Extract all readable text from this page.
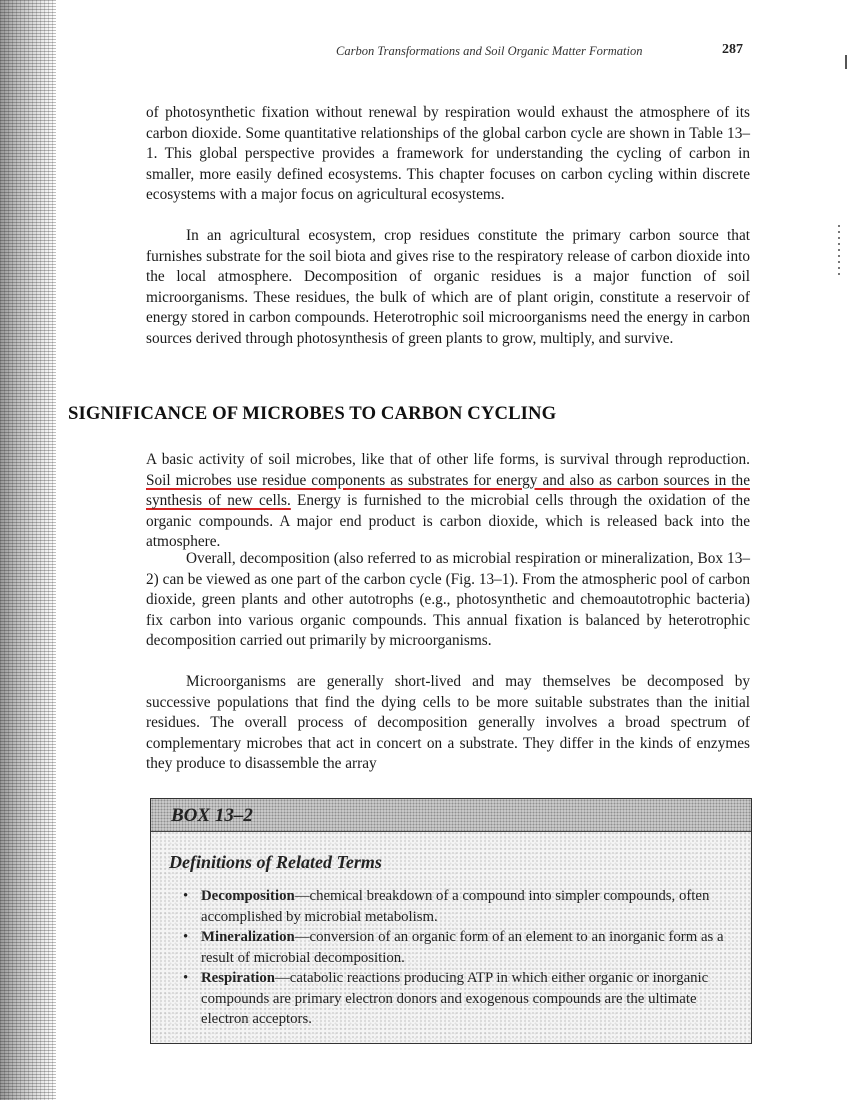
Carbon Transformations and Soil Organic Matter Formation	287

of photosynthetic fixation without renewal by respiration would exhaust the atmosphere of its carbon dioxide. Some quantitative relationships of the global carbon cycle are shown in Table 13–1. This global perspective provides a framework for understanding the cycling of carbon in smaller, more easily defined ecosystems. This chapter focuses on carbon cycling within discrete ecosystems with a major focus on agricultural ecosystems.

In an agricultural ecosystem, crop residues constitute the primary carbon source that furnishes substrate for the soil biota and gives rise to the respiratory release of carbon dioxide into the local atmosphere. Decomposition of organic residues is a major function of soil microorganisms. These residues, the bulk of which are of plant origin, constitute a reservoir of energy stored in carbon compounds. Heterotrophic soil microorganisms need the energy in carbon sources derived through photosynthesis of green plants to grow, multiply, and survive.

SIGNIFICANCE OF MICROBES TO CARBON CYCLING

A basic activity of soil microbes, like that of other life forms, is survival through reproduction. Soil microbes use residue components as substrates for energy and also as carbon sources in the synthesis of new cells. Energy is furnished to the microbial cells through the oxidation of the organic compounds. A major end product is carbon dioxide, which is released back into the atmosphere.

Overall, decomposition (also referred to as microbial respiration or mineralization, Box 13–2) can be viewed as one part of the carbon cycle (Fig. 13–1). From the atmospheric pool of carbon dioxide, green plants and other autotrophs (e.g., photosynthetic and chemoautotrophic bacteria) fix carbon into various organic compounds. This annual fixation is balanced by heterotrophic decomposition carried out primarily by microorganisms.

Microorganisms are generally short-lived and may themselves be decomposed by successive populations that find the dying cells to be more suitable substrates than the initial residues. The overall process of decomposition generally involves a broad spectrum of complementary microbes that act in concert on a substrate. They differ in the kinds of enzymes they produce to disassemble the array

BOX 13–2
Definitions of Related Terms
• Decomposition—chemical breakdown of a compound into simpler compounds, often accomplished by microbial metabolism.
• Mineralization—conversion of an organic form of an element to an inorganic form as a result of microbial decomposition.
• Respiration—catabolic reactions producing ATP in which either organic or inorganic compounds are primary electron donors and exogenous compounds are the ultimate electron acceptors.
